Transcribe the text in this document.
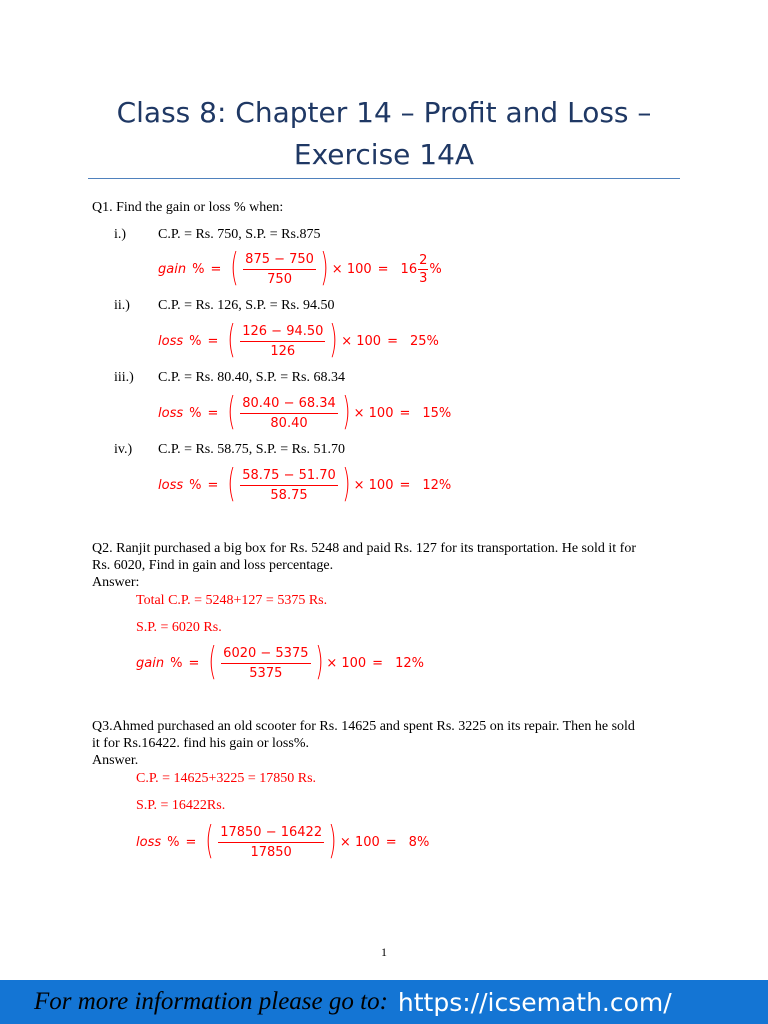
Class 8: Chapter 14 – Profit and Loss –
Exercise 14A
Q1. Find the gain or loss % when:
i.) C.P. = Rs. 750, S.P. = Rs.875
gain % = ( $\frac{875 - 750}{750}$ ) × $100 = 16 \frac{2}{3}$ %
ii.) C.P. = Rs. 126, S.P. = Rs. 94.50
loss % = ( $\frac{126 - 94.50}{126}$ ) × 100 = 25%
iii.) C.P. = Rs. 80.40, S.P. = Rs. 68.34
loss % = ( $\frac{80.40 - 68.34}{80.40}$ ) × 100 = 15%
iv.) C.P. = Rs. 58.75, S.P. = Rs. 51.70
loss % = ( $\frac{58.75 - 51.70}{58.75}$ ) × 100 = 12%
Q2. Ranjit purchased a big box for Rs. 5248 and paid Rs. 127 for its transportation. He sold it for
Rs. 6020, Find in gain and loss percentage.
Answer:
Total C.P. = 5248+127 = 5375 Rs.
S.P. = 6020 Rs.
gain % = ( $\frac{6020 - 5375}{5375}$ ) × 100 = 12%
Q3.Ahmed purchased an old scooter for Rs. 14625 and spent Rs. 3225 on its repair. Then he sold
it for Rs.16422. find his gain or loss%.
Answer.
C.P. = 14625+3225 = 17850 Rs.
S.P. = 16422Rs.
loss % = ( $\frac{17850 - 16422}{17850}$ ) × 100 = 8%
1
For more information please go to: https://icsemath.com/
